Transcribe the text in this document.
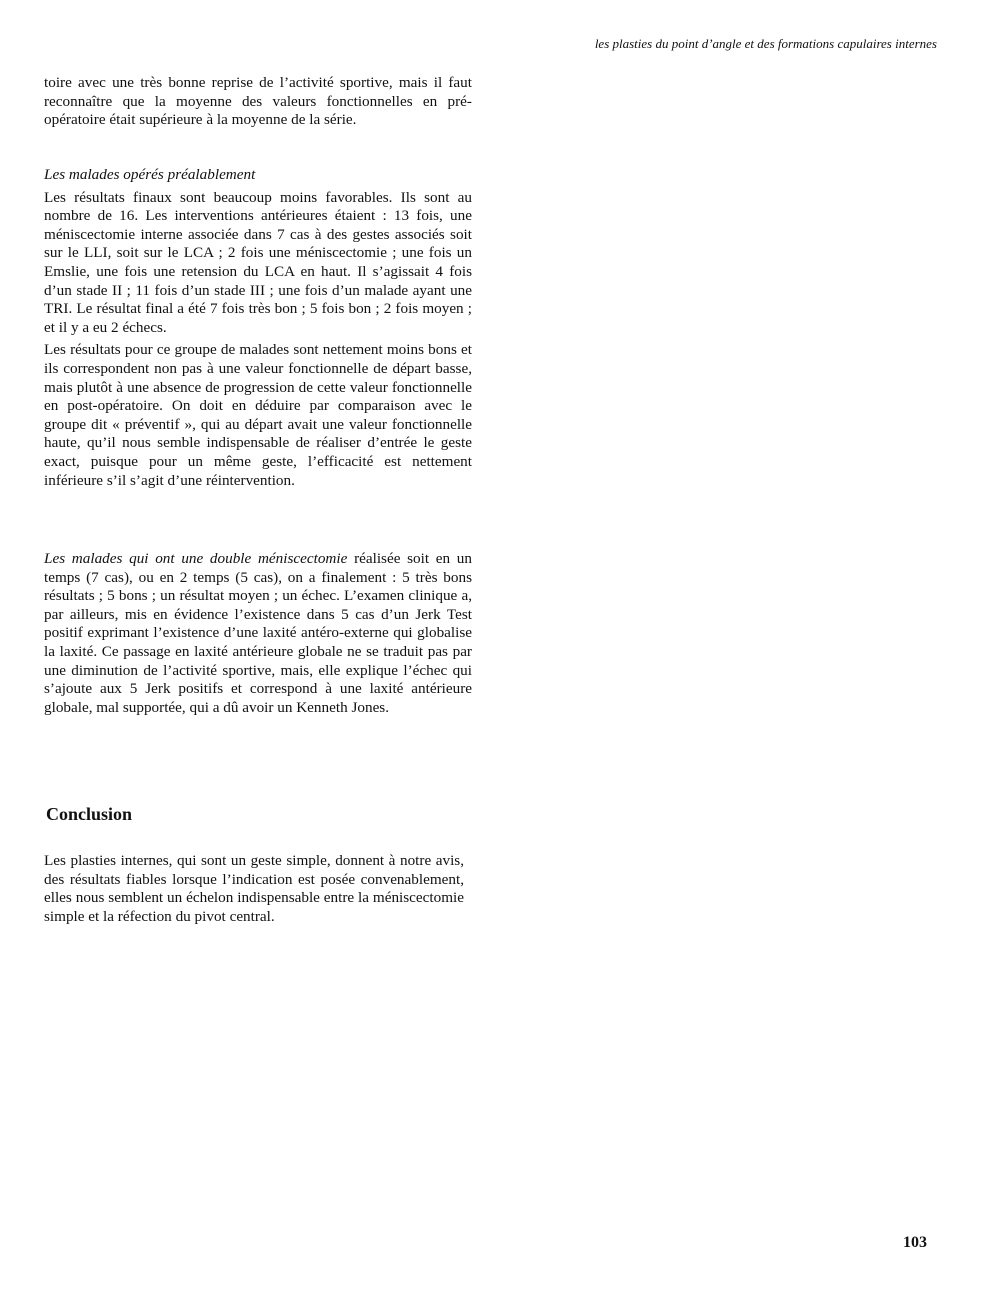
les plasties du point d’angle et des formations capulaires internes

toire avec une très bonne reprise de l’activité sportive, mais il faut reconnaître que la moyenne des valeurs fonctionnelles en pré-opératoire était supérieure à la moyenne de la série.

Les malades opérés préalablement

Les résultats finaux sont beaucoup moins favorables. Ils sont au nombre de 16. Les interventions antérieures étaient : 13 fois, une méniscectomie interne associée dans 7 cas à des gestes associés soit sur le LLI, soit sur le LCA ; 2 fois une méniscectomie ; une fois un Emslie, une fois une retension du LCA en haut. Il s’agissait 4 fois d’un stade II ; 11 fois d’un stade III ; une fois d’un malade ayant une TRI. Le résultat final a été 7 fois très bon ; 5 fois bon ; 2 fois moyen ; et il y a eu 2 échecs.

Les résultats pour ce groupe de malades sont nettement moins bons et ils correspondent non pas à une valeur fonctionnelle de départ basse, mais plutôt à une absence de progression de cette valeur fonctionnelle en post-opératoire. On doit en déduire par comparaison avec le groupe dit « préventif », qui au départ avait une valeur fonctionnelle haute, qu’il nous semble indispensable de réaliser d’entrée le geste exact, puisque pour un même geste, l’efficacité est nettement inférieure s’il s’agit d’une réintervention.

Les malades qui ont une double méniscectomie réalisée soit en un temps (7 cas), ou en 2 temps (5 cas), on a finalement : 5 très bons résultats ; 5 bons ; un résultat moyen ; un échec. L’examen clinique a, par ailleurs, mis en évidence l’existence dans 5 cas d’un Jerk Test positif exprimant l’existence d’une laxité antéro-externe qui globalise la laxité. Ce passage en laxité antérieure globale ne se traduit pas par une diminution de l’activité sportive, mais, elle explique l’échec qui s’ajoute aux 5 Jerk positifs et correspond à une laxité antérieure globale, mal supportée, qui a dû avoir un Kenneth Jones.

Conclusion

Les plasties internes, qui sont un geste simple, donnent à notre avis, des résultats fiables lorsque l’indication est posée convenablement, elles nous semblent un échelon indispensable entre la méniscectomie simple et la réfection du pivot central.

103
